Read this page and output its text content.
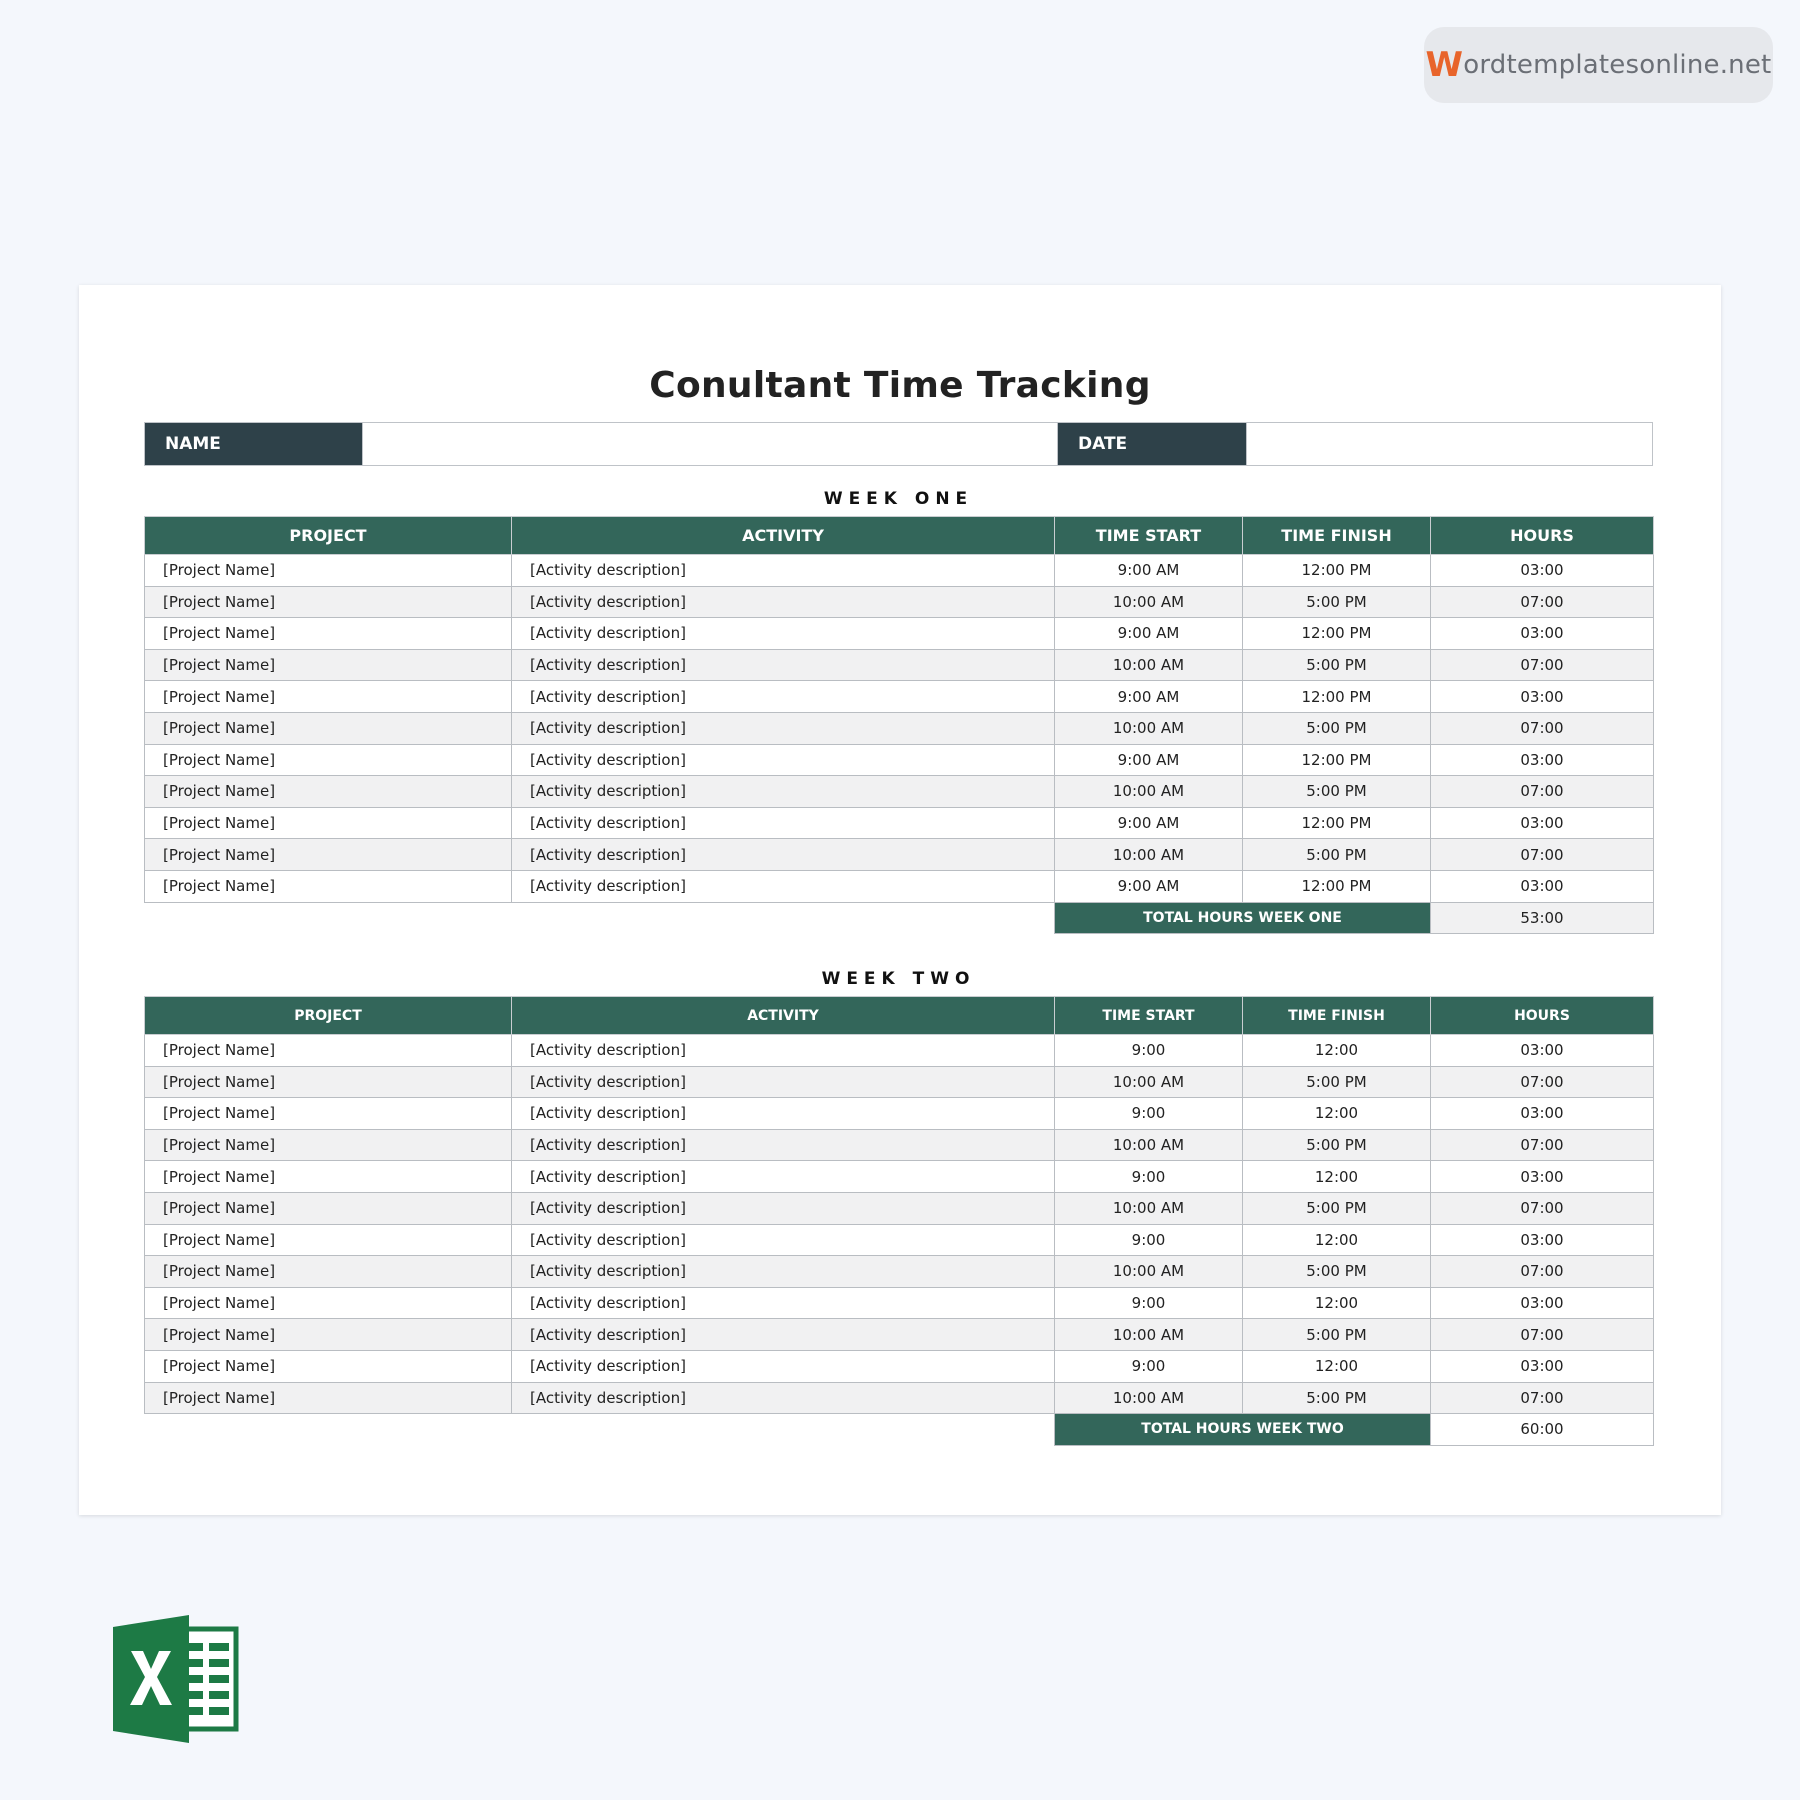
W ordtemplatesonline.net
Conultant Time Tracking
NAME	DATE
WEEK ONE
PROJECT	ACTIVITY	TIME START	TIME FINISH	HOURS
[Project Name]	[Activity description]	9:00 AM	12:00 PM	03:00
[Project Name]	[Activity description]	10:00 AM	5:00 PM	07:00
[Project Name]	[Activity description]	9:00 AM	12:00 PM	03:00
[Project Name]	[Activity description]	10:00 AM	5:00 PM	07:00
[Project Name]	[Activity description]	9:00 AM	12:00 PM	03:00
[Project Name]	[Activity description]	10:00 AM	5:00 PM	07:00
[Project Name]	[Activity description]	9:00 AM	12:00 PM	03:00
[Project Name]	[Activity description]	10:00 AM	5:00 PM	07:00
[Project Name]	[Activity description]	9:00 AM	12:00 PM	03:00
[Project Name]	[Activity description]	10:00 AM	5:00 PM	07:00
[Project Name]	[Activity description]	9:00 AM	12:00 PM	03:00
		TOTAL HOURS WEEK ONE		53:00
WEEK TWO
PROJECT	ACTIVITY	TIME START	TIME FINISH	HOURS
[Project Name]	[Activity description]	9:00	12:00	03:00
[Project Name]	[Activity description]	10:00 AM	5:00 PM	07:00
[Project Name]	[Activity description]	9:00	12:00	03:00
[Project Name]	[Activity description]	10:00 AM	5:00 PM	07:00
[Project Name]	[Activity description]	9:00	12:00	03:00
[Project Name]	[Activity description]	10:00 AM	5:00 PM	07:00
[Project Name]	[Activity description]	9:00	12:00	03:00
[Project Name]	[Activity description]	10:00 AM	5:00 PM	07:00
[Project Name]	[Activity description]	9:00	12:00	03:00
[Project Name]	[Activity description]	10:00 AM	5:00 PM	07:00
[Project Name]	[Activity description]	9:00	12:00	03:00
[Project Name]	[Activity description]	10:00 AM	5:00 PM	07:00
		TOTAL HOURS WEEK TWO		60:00
